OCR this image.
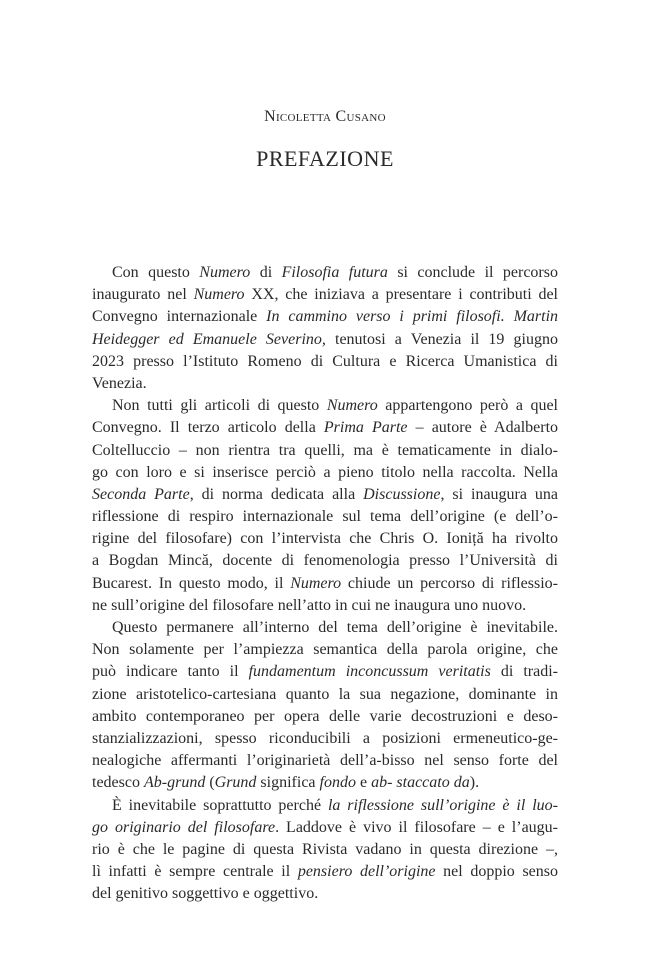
Nicoletta Cusano
PREFAZIONE
Con questo Numero di Filosofia futura si conclude il percorso
inaugurato nel Numero XX, che iniziava a presentare i contributi del
Convegno internazionale In cammino verso i primi filosofi. Martin
Heidegger ed Emanuele Severino, tenutosi a Venezia il 19 giugno
2023 presso l’Istituto Romeno di Cultura e Ricerca Umanistica di
Venezia.
Non tutti gli articoli di questo Numero appartengono però a quel
Convegno. Il terzo articolo della Prima Parte – autore è Adalberto
Coltelluccio – non rientra tra quelli, ma è tematicamente in dialo-
go con loro e si inserisce perciò a pieno titolo nella raccolta. Nella
Seconda Parte, di norma dedicata alla Discussione, si inaugura una
riflessione di respiro internazionale sul tema dell’origine (e dell’o-
rigine del filosofare) con l’intervista che Chris O. Ioniță ha rivolto
a Bogdan Mincă, docente di fenomenologia presso l’Università di
Bucarest. In questo modo, il Numero chiude un percorso di riflessio-
ne sull’origine del filosofare nell’atto in cui ne inaugura uno nuovo.
Questo permanere all’interno del tema dell’origine è inevitabile.
Non solamente per l’ampiezza semantica della parola origine, che
può indicare tanto il fundamentum inconcussum veritatis di tradi-
zione aristotelico-cartesiana quanto la sua negazione, dominante in
ambito contemporaneo per opera delle varie decostruzioni e deso-
stanzializzazioni, spesso riconducibili a posizioni ermeneutico-ge-
nealogiche affermanti l’originarietà dell’a-bisso nel senso forte del
tedesco Ab-grund (Grund significa fondo e ab- staccato da).
È inevitabile soprattutto perché la riflessione sull’origine è il luo-
go originario del filosofare. Laddove è vivo il filosofare – e l’augu-
rio è che le pagine di questa Rivista vadano in questa direzione –,
lì infatti è sempre centrale il pensiero dell’origine nel doppio senso
del genitivo soggettivo e oggettivo.
